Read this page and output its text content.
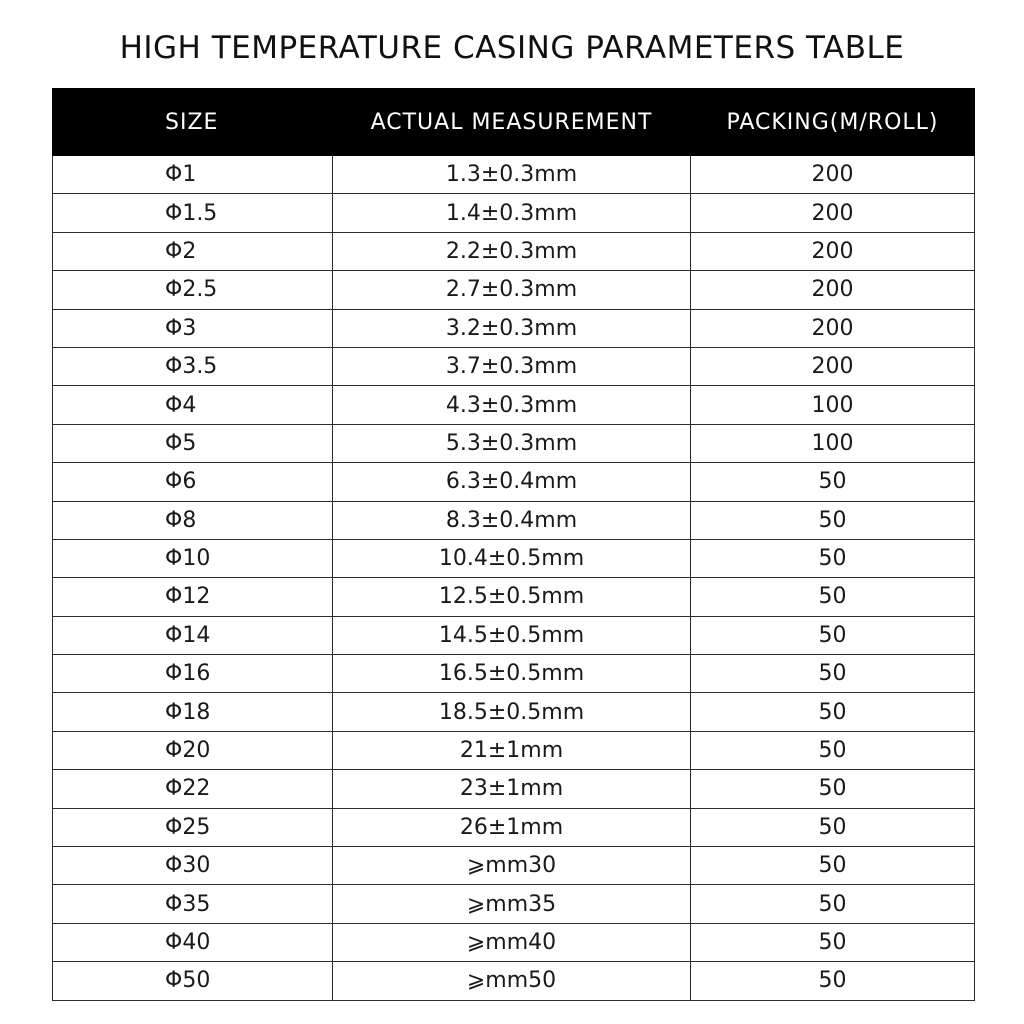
HIGH TEMPERATURE CASING PARAMETERS TABLE
SIZE	ACTUAL MEASUREMENT	PACKING(M/ROLL)
Φ1	1.3±0.3mm	200
Φ1.5	1.4±0.3mm	200
Φ2	2.2±0.3mm	200
Φ2.5	2.7±0.3mm	200
Φ3	3.2±0.3mm	200
Φ3.5	3.7±0.3mm	200
Φ4	4.3±0.3mm	100
Φ5	5.3±0.3mm	100
Φ6	6.3±0.4mm	50
Φ8	8.3±0.4mm	50
Φ10	10.4±0.5mm	50
Φ12	12.5±0.5mm	50
Φ14	14.5±0.5mm	50
Φ16	16.5±0.5mm	50
Φ18	18.5±0.5mm	50
Φ20	21±1mm	50
Φ22	23±1mm	50
Φ25	26±1mm	50
Φ30	⩾mm30	50
Φ35	⩾mm35	50
Φ40	⩾mm40	50
Φ50	⩾mm50	50
